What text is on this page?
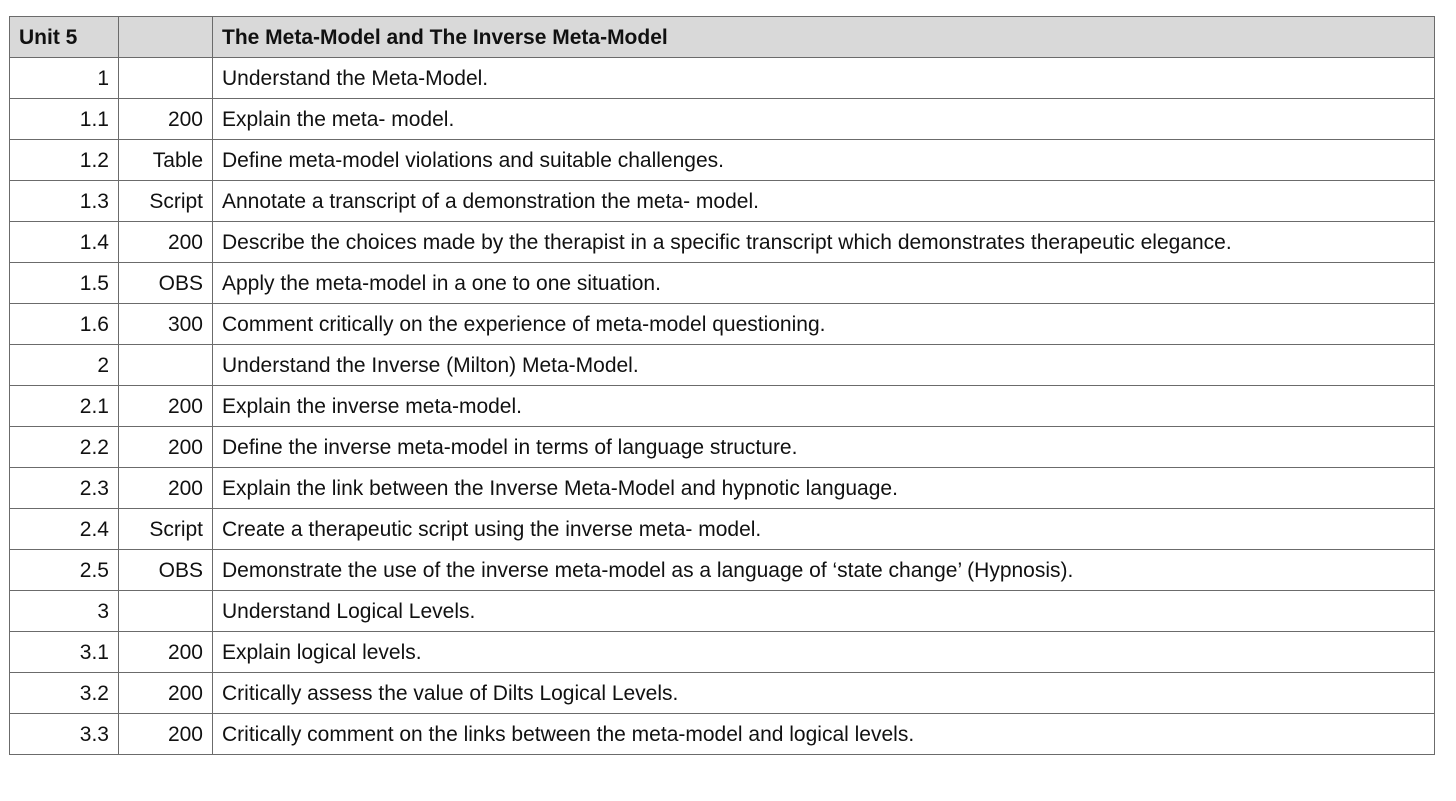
Unit 5		The Meta-Model and The Inverse Meta-Model
1		Understand the Meta-Model.
1.1	200	Explain the meta- model.
1.2	Table	Define meta-model violations and suitable challenges.
1.3	Script	Annotate a transcript of a demonstration the meta- model.
1.4	200	Describe the choices made by the therapist in a specific transcript which demonstrates therapeutic elegance.
1.5	OBS	Apply the meta-model in a one to one situation.
1.6	300	Comment critically on the experience of meta-model questioning.
2		Understand the Inverse (Milton) Meta-Model.
2.1	200	Explain the inverse meta-model.
2.2	200	Define the inverse meta-model in terms of language structure.
2.3	200	Explain the link between the Inverse Meta-Model and hypnotic language.
2.4	Script	Create a therapeutic script using the inverse meta- model.
2.5	OBS	Demonstrate the use of the inverse meta-model as a language of ‘state change’ (Hypnosis).
3		Understand Logical Levels.
3.1	200	Explain logical levels.
3.2	200	Critically assess the value of Dilts Logical Levels.
3.3	200	Critically comment on the links between the meta-model and logical levels.
